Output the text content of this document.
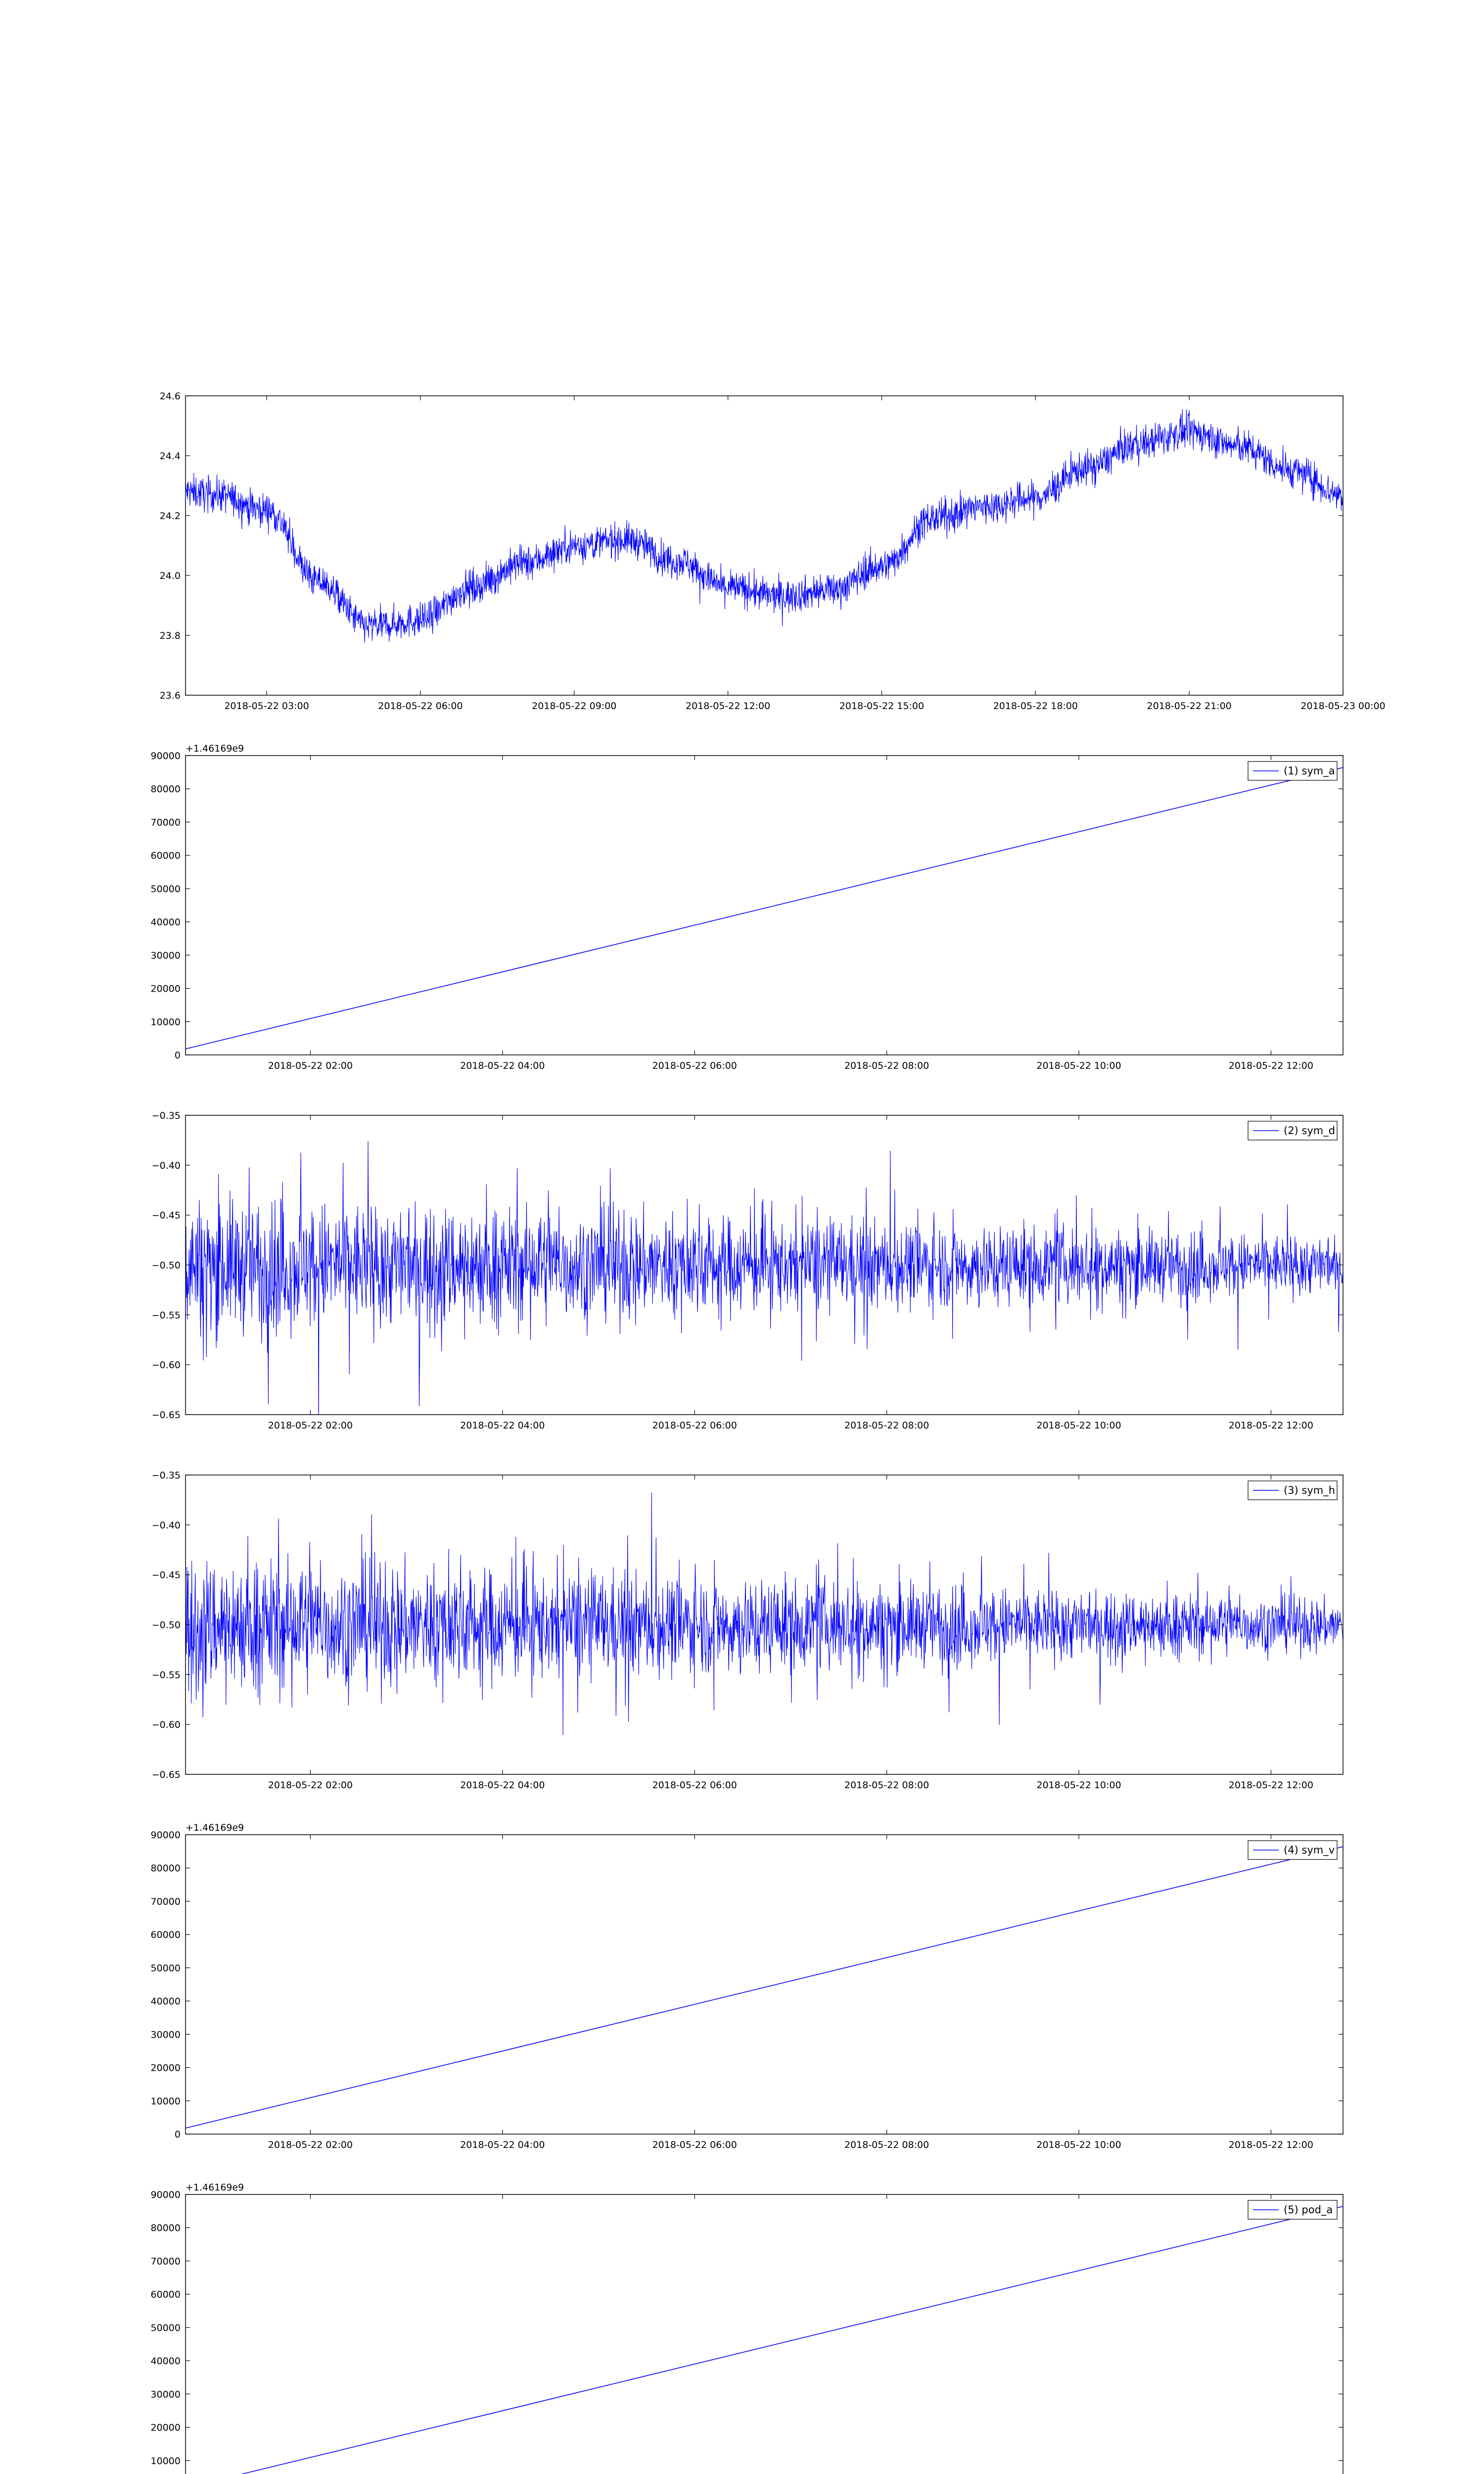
23.6
23.8
24.0
24.2
24.4
24.6
2018-05-22 03:00	2018-05-22 06:00	2018-05-22 09:00	2018-05-22 12:00	2018-05-22 15:00	2018-05-22 18:00	2018-05-22 21:00	2018-05-23 00:00
0
10000
20000
30000
40000
50000
60000
70000
80000
90000
2018-05-22 02:00	2018-05-22 04:00	2018-05-22 06:00	2018-05-22 08:00	2018-05-22 10:00	2018-05-22 12:00
+1.46169e9
(1) sym_a
−0.65
−0.60
−0.55
−0.50
−0.45
−0.40
−0.35
2018-05-22 02:00	2018-05-22 04:00	2018-05-22 06:00	2018-05-22 08:00	2018-05-22 10:00	2018-05-22 12:00
(2) sym_d
−0.65
−0.60
−0.55
−0.50
−0.45
−0.40
−0.35
2018-05-22 02:00	2018-05-22 04:00	2018-05-22 06:00	2018-05-22 08:00	2018-05-22 10:00	2018-05-22 12:00
(3) sym_h
0
10000
20000
30000
40000
50000
60000
70000
80000
90000
2018-05-22 02:00	2018-05-22 04:00	2018-05-22 06:00	2018-05-22 08:00	2018-05-22 10:00	2018-05-22 12:00
+1.46169e9
(4) sym_v
10000
20000
30000
40000
50000
60000
70000
80000
90000
+1.46169e9
(5) pod_a
